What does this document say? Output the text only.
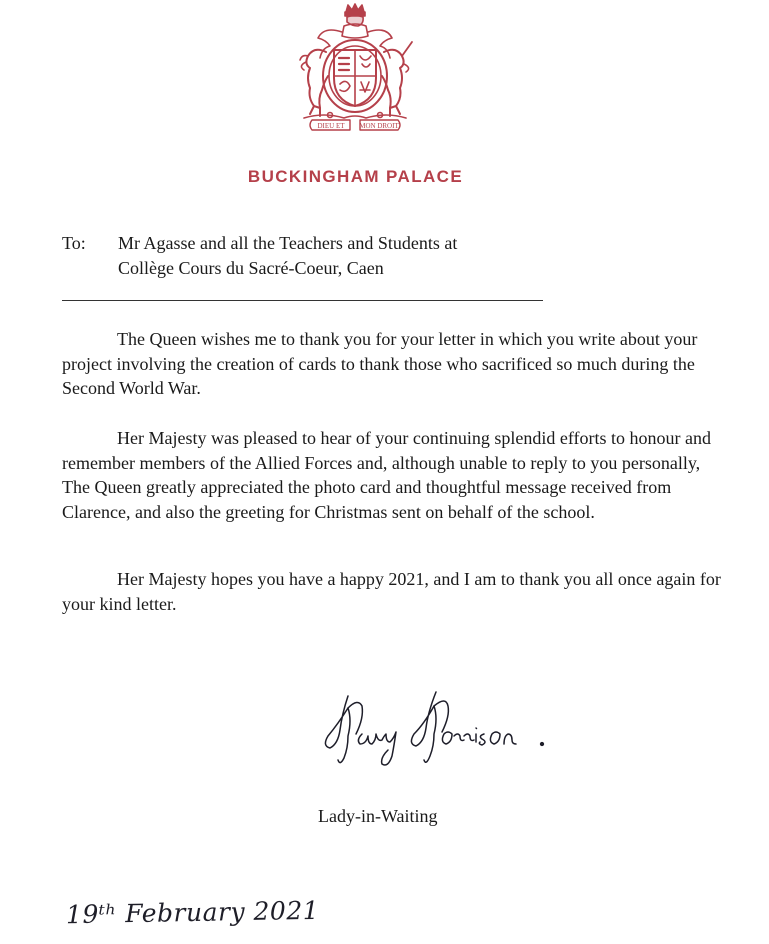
DIEU ET MON DROIT
BUCKINGHAM PALACE
To: Mr Agasse and all the Teachers and Students at
Collège Cours du Sacré-Coeur, Caen

The Queen wishes me to thank you for your letter in which you write about your project involving the creation of cards to thank those who sacrificed so much during the Second World War.

Her Majesty was pleased to hear of your continuing splendid efforts to honour and remember members of the Allied Forces and, although unable to reply to you personally, The Queen greatly appreciated the photo card and thoughtful message received from Clarence, and also the greeting for Christmas sent on behalf of the school.

Her Majesty hopes you have a happy 2021, and I am to thank you all once again for your kind letter.

Lady-in-Waiting
19ᵗʰ February 2021
